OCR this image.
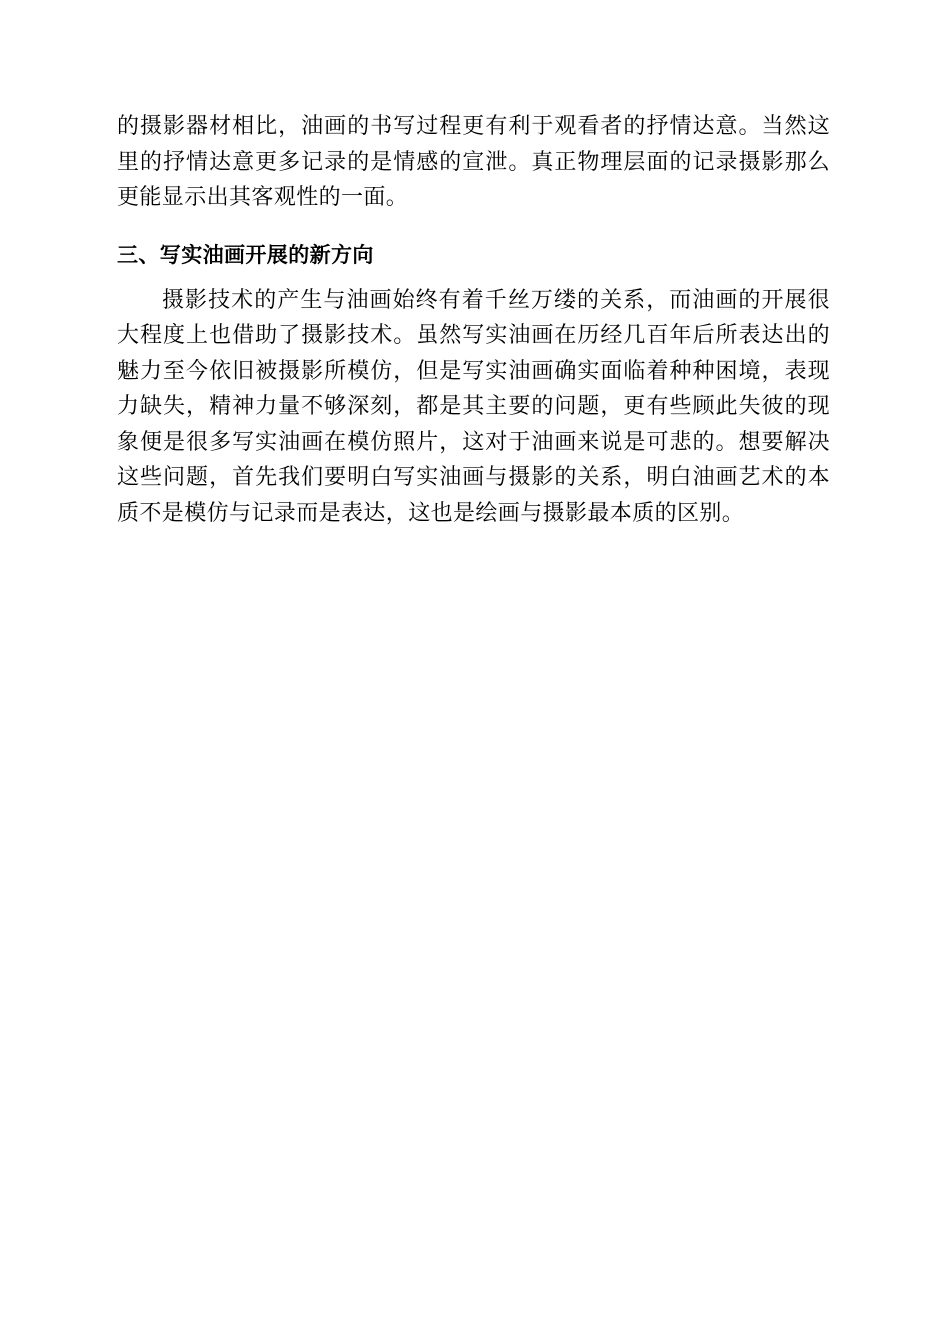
的摄影器材相比，油画的书写过程更有利于观看者的抒情达意。当然这里的抒情达意更多记录的是情感的宣泄。真正物理层面的记录摄影那么更能显示出其客观性的一面。

三、写实油画开展的新方向

摄影技术的产生与油画始终有着千丝万缕的关系，而油画的开展很大程度上也借助了摄影技术。虽然写实油画在历经几百年后所表达出的魅力至今依旧被摄影所模仿，但是写实油画确实面临着种种困境，表现力缺失，精神力量不够深刻，都是其主要的问题，更有些顾此失彼的现象便是很多写实油画在模仿照片，这对于油画来说是可悲的。想要解决这些问题，首先我们要明白写实油画与摄影的关系，明白油画艺术的本质不是模仿与记录而是表达，这也是绘画与摄影最本质的区别。
